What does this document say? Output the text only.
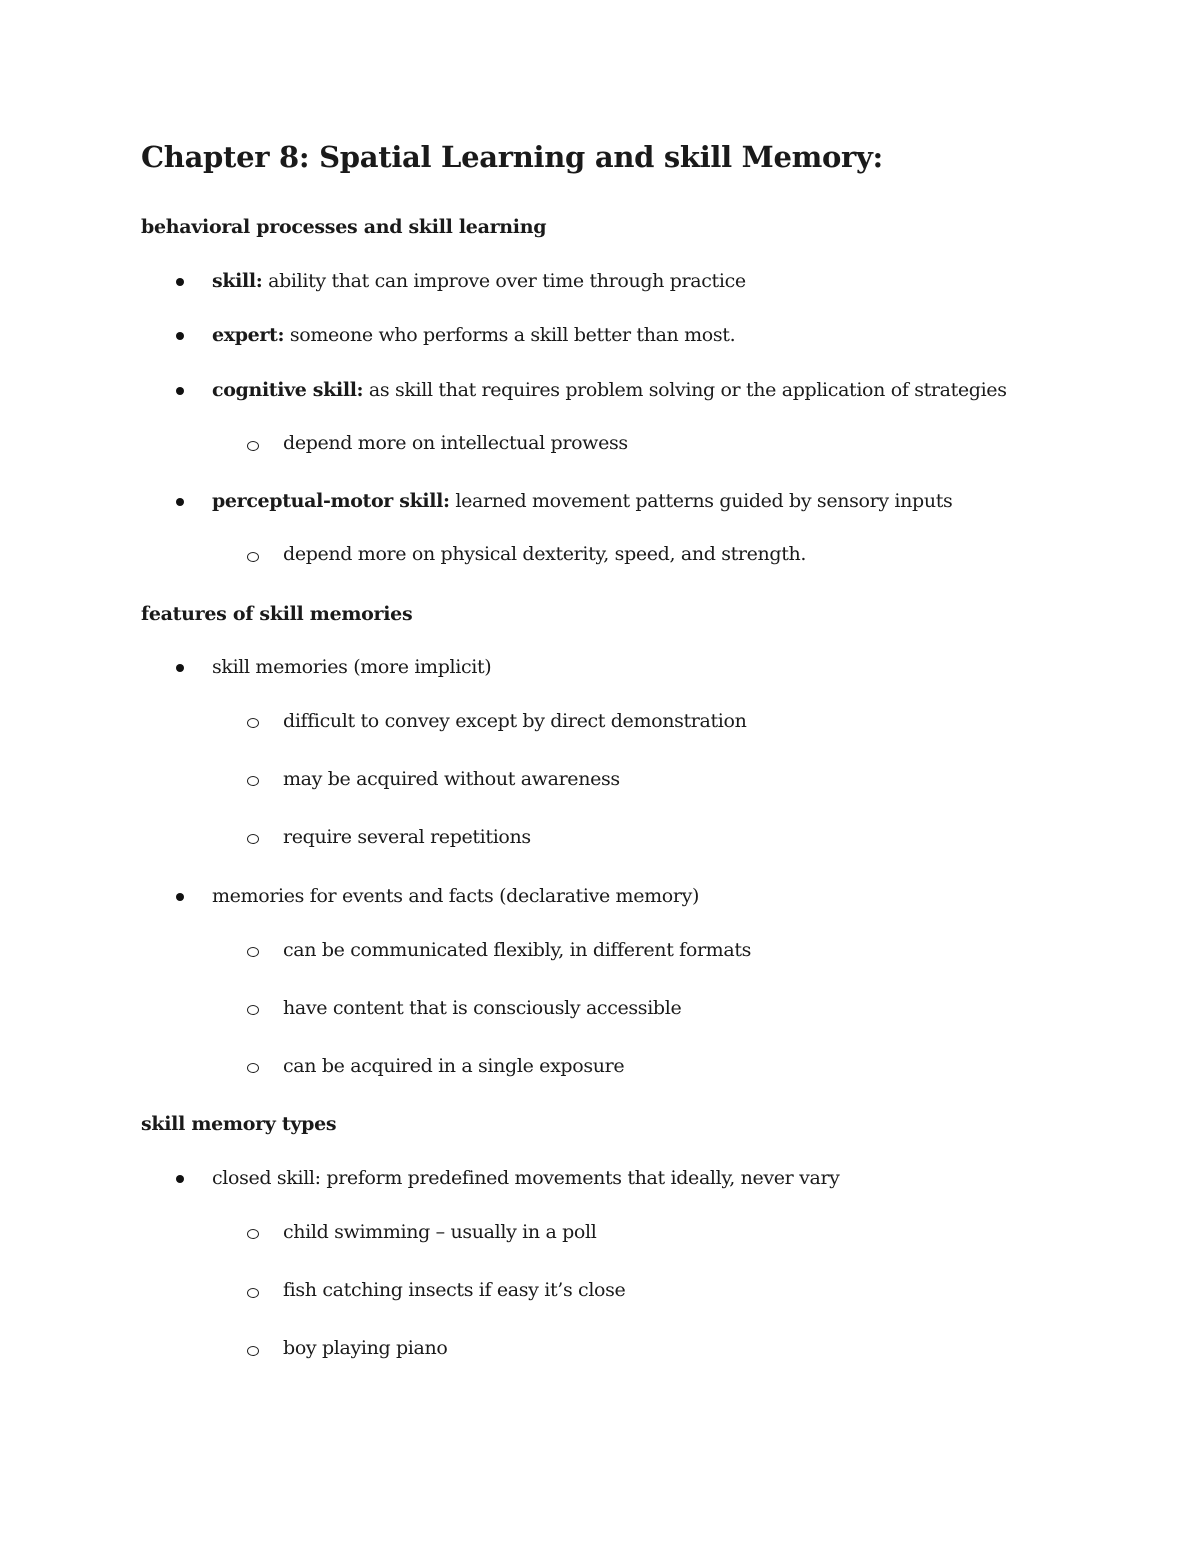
Chapter 8: Spatial Learning and skill Memory:
behavioral processes and skill learning
skill: ability that can improve over time through practice
expert: someone who performs a skill better than most.
cognitive skill: as skill that requires problem solving or the application of strategies
depend more on intellectual prowess
perceptual-motor skill: learned movement patterns guided by sensory inputs
depend more on physical dexterity, speed, and strength.
features of skill memories
skill memories (more implicit)
difficult to convey except by direct demonstration
may be acquired without awareness
require several repetitions
memories for events and facts (declarative memory)
can be communicated flexibly, in different formats
have content that is consciously accessible
can be acquired in a single exposure
skill memory types
closed skill: preform predefined movements that ideally, never vary
child swimming – usually in a poll
fish catching insects if easy it’s close
boy playing piano
